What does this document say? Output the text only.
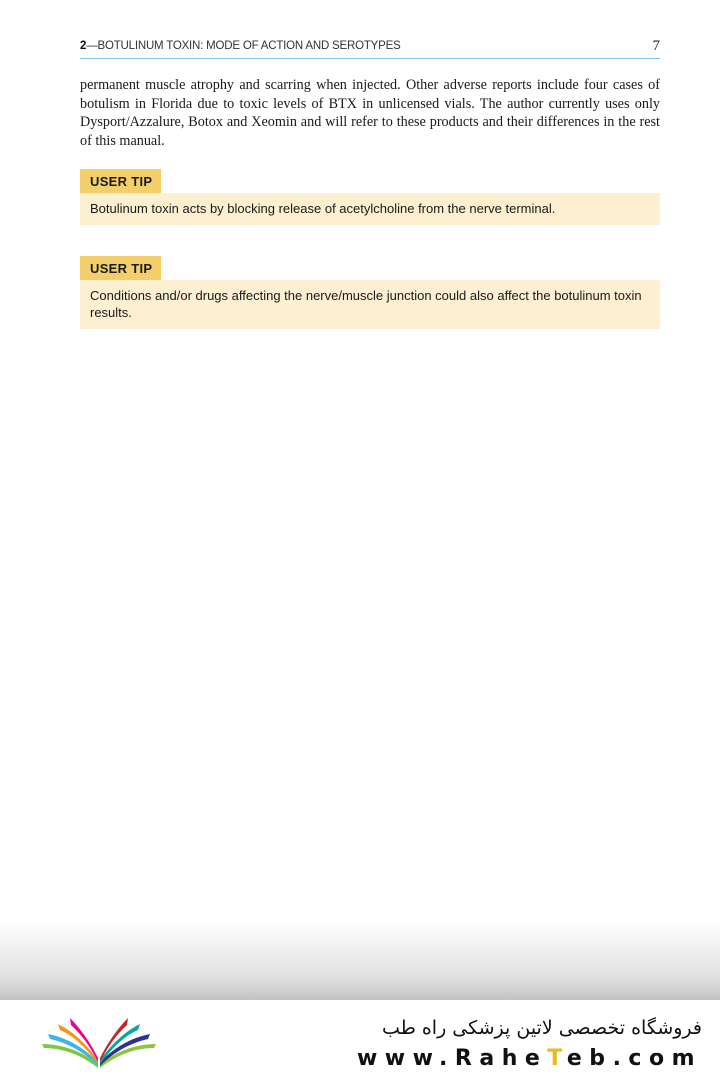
2—BOTULINUM TOXIN: MODE OF ACTION AND SEROTYPES	7

permanent muscle atrophy and scarring when injected. Other adverse reports include four cases of botulism in Florida due to toxic levels of BTX in unlicensed vials. The author currently uses only Dysport/Azzalure, Botox and Xeomin and will refer to these products and their differences in the rest of this manual.

USER TIP
Botulinum toxin acts by blocking release of acetylcholine from the nerve terminal.
USER TIP
Conditions and/or drugs affecting the nerve/muscle junction could also affect the botulinum toxin results.
فروشگاه تخصصی لاتین پزشکی راه طب
www.RaheTeb.com
